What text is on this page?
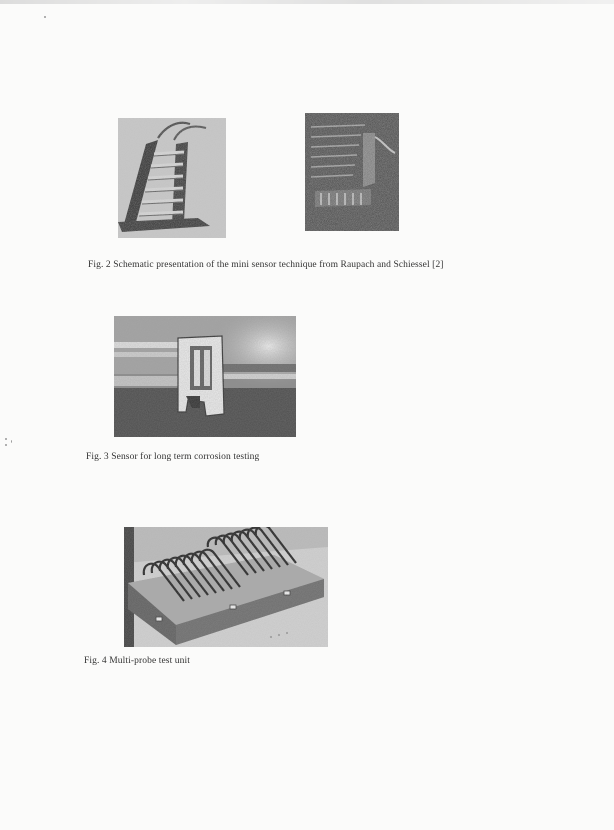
Fig. 2 Schematic presentation of the mini sensor technique from Raupach and Schiessel [2]
Fig. 3 Sensor for long term corrosion testing
Fig. 4 Multi-probe test unit
